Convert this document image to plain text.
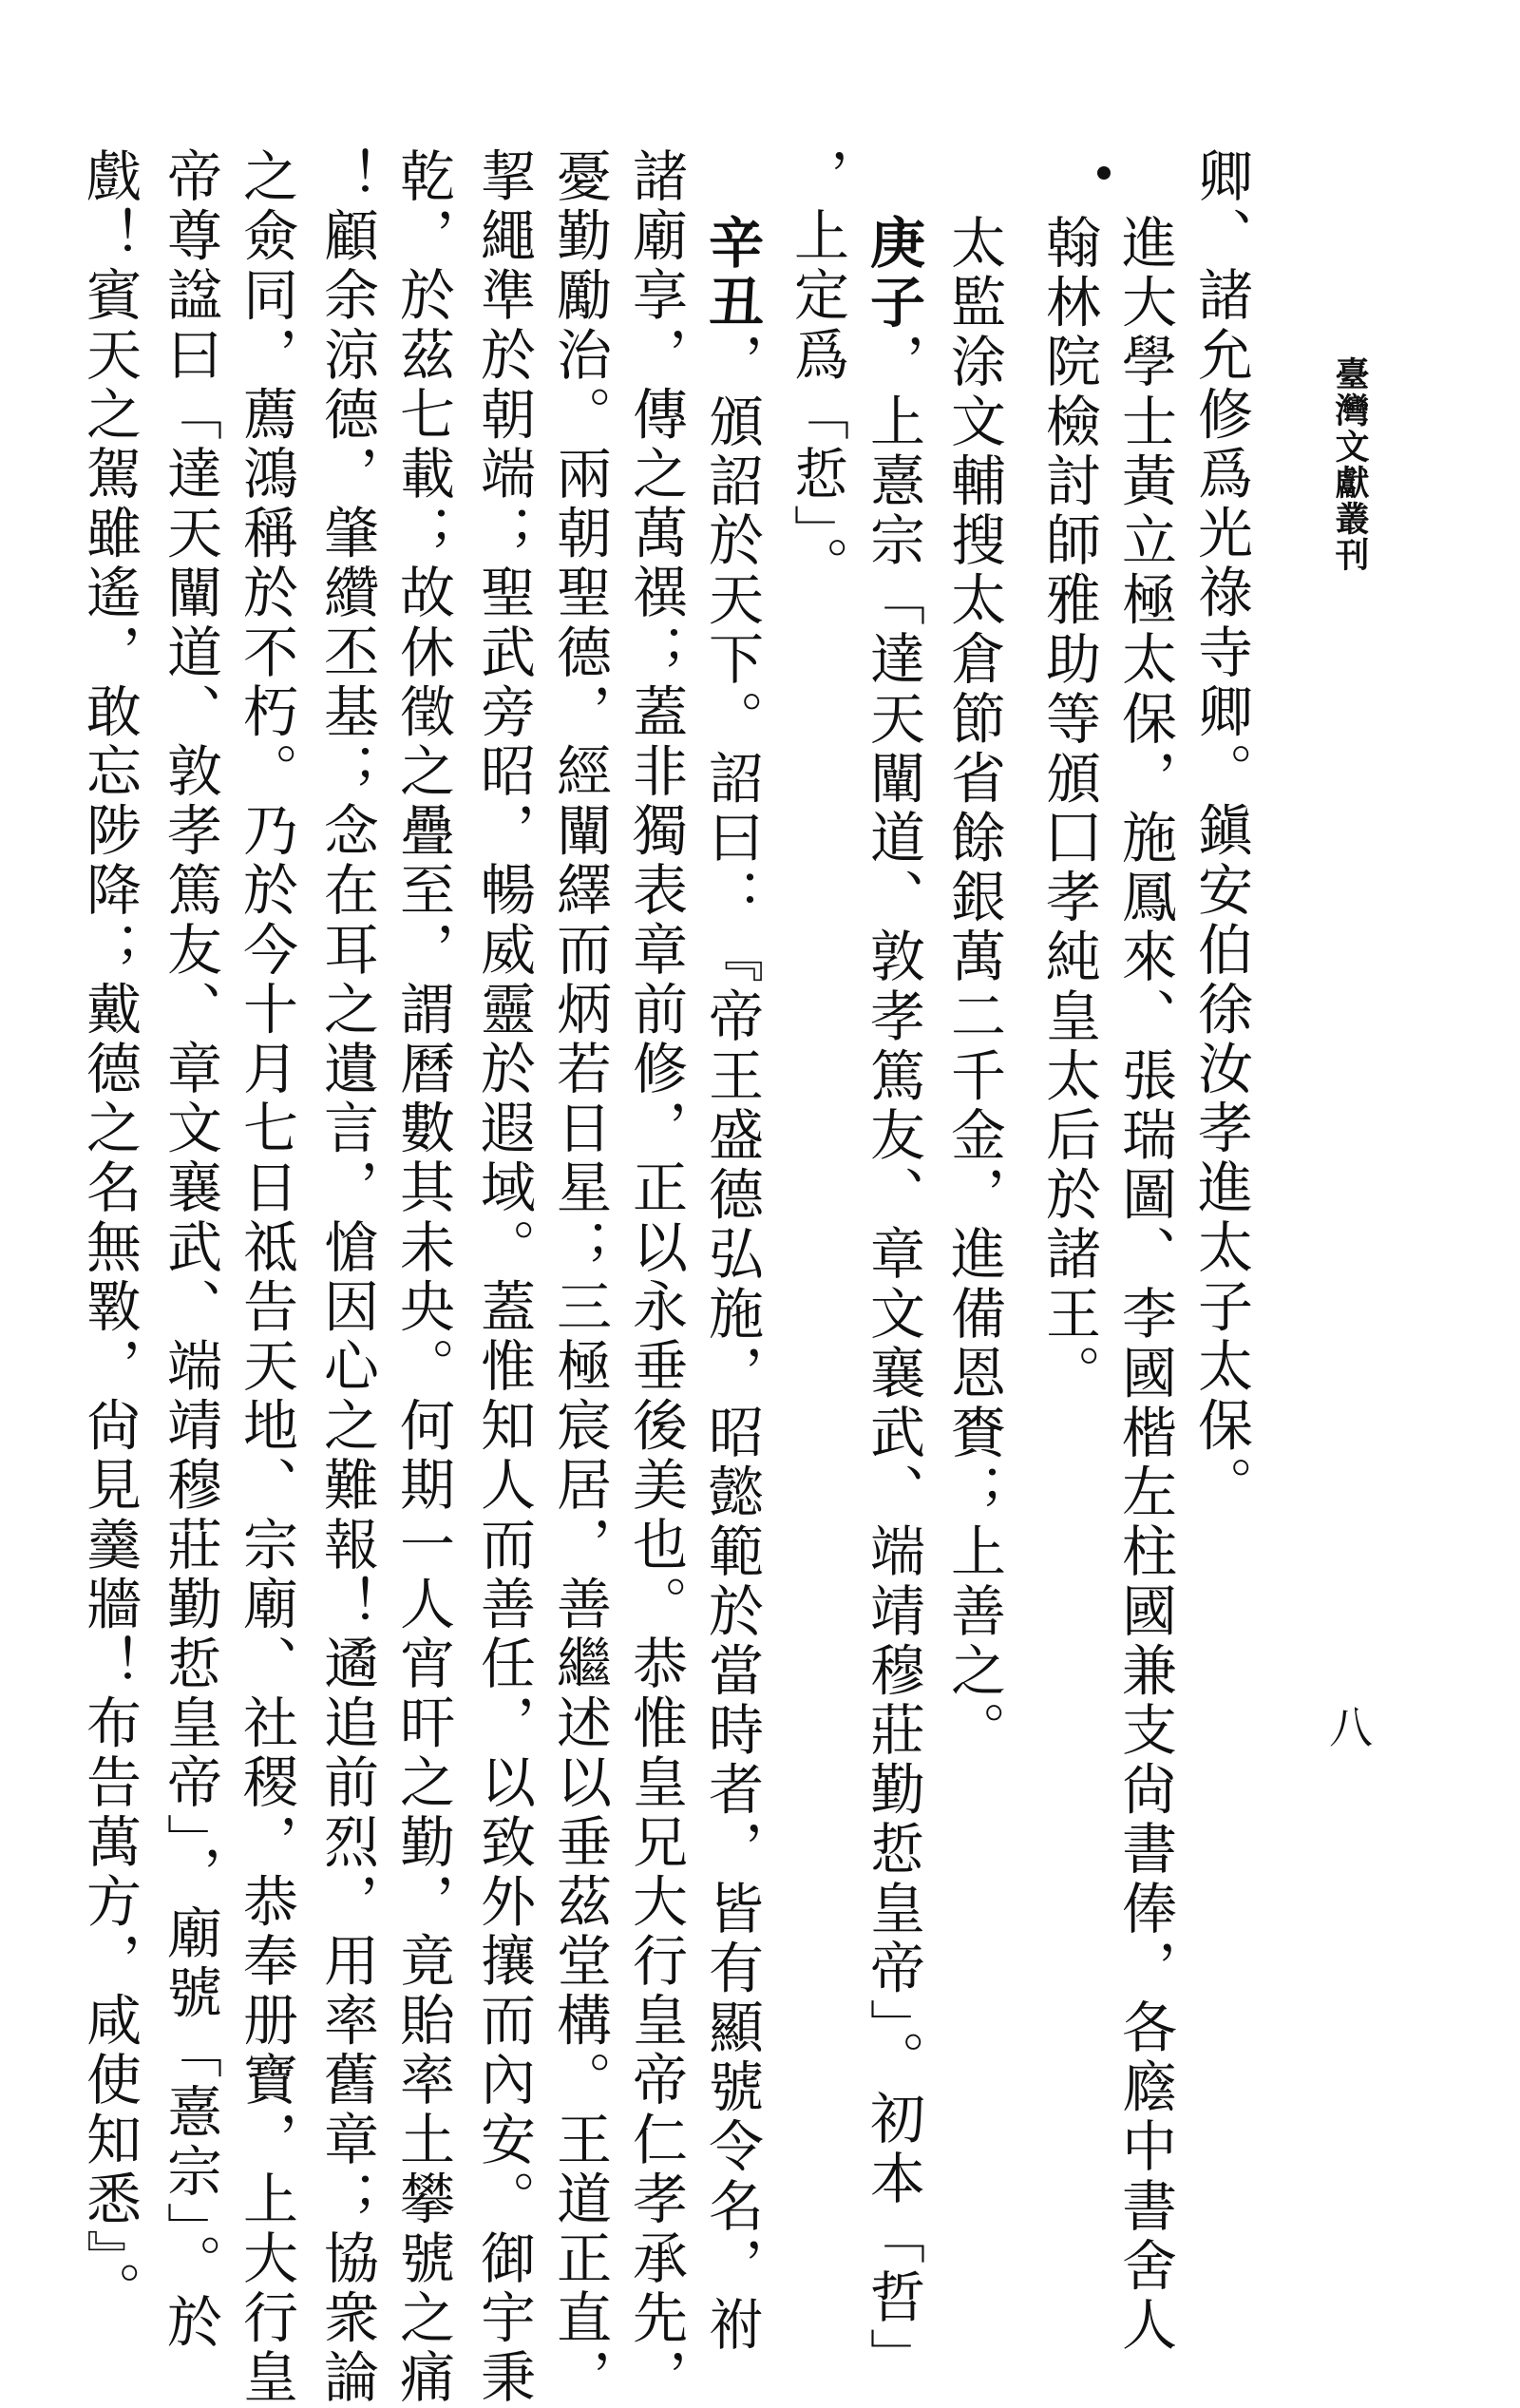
臺灣文獻叢刊
八
卿、諸允修爲光祿寺卿。鎭安伯徐汝孝進太子太保。
進大學士黃立極太保，施鳳來、張瑞圖、李國楷左柱國兼支尙書俸，各廕中書舍人
翰林院檢討師雅助等頒囗孝純皇太后於諸王。
太監涂文輔搜太倉節省餘銀萬二千金，進備恩賚；上善之。
庚子，上憙宗「達天闡道、敦孝篤友、章文襄武、端靖穆莊勤悊皇帝」。初本「哲」
，上定爲「悊」。
辛丑，頒詔於天下。詔曰：『帝王盛德弘施，昭懿範於當時者，皆有顯號令名，祔
諸廟享，傳之萬禩；蓋非獨表章前修，正以永垂後美也。恭惟皇兄大行皇帝仁孝承先，
憂勤勵治。兩朝聖德，經闡繹而炳若日星；三極宸居，善繼述以垂茲堂構。王道正直，
挈繩準於朝端；聖武旁昭，暢威靈於遐域。蓋惟知人而善任，以致外攘而內安。御宇秉
乾，於茲七載；故休徵之疊至，謂曆數其未央。何期一人宵旰之勤，竟貽率土攀號之痛
！顧余涼德，肇纘丕基；念在耳之遺言，愴因心之難報！遹追前烈，用率舊章；協衆論
之僉同，薦鴻稱於不朽。乃於今十月七日祗告天地、宗廟、社稷，恭奉册寶，上大行皇
帝尊諡曰「達天闡道、敦孝篤友、章文襄武、端靖穆莊勤悊皇帝」，廟號「憙宗」。於
戲！賓天之駕雖遙，敢忘陟降；戴德之名無斁，尙見羹牆！布告萬方，咸使知悉』。
